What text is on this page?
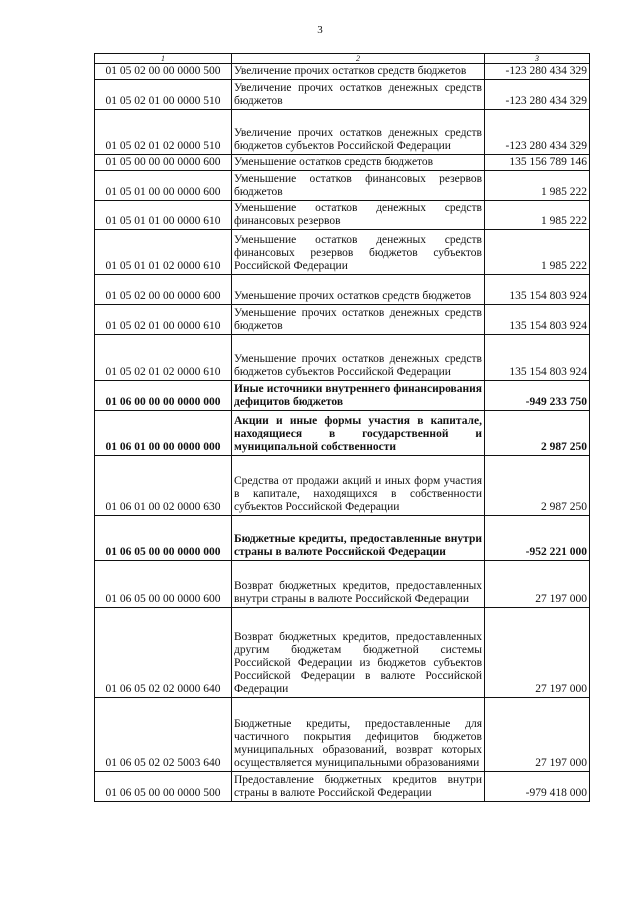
3
1	2	3
01 05 02 00 00 0000 500	Увеличение прочих остатков средств бюджетов	-123 280 434 329
01 05 02 01 00 0000 510	Увеличение прочих остатков денежных средств бюджетов	-123 280 434 329
01 05 02 01 02 0000 510	Увеличение прочих остатков денежных средств бюджетов субъектов Российской Федерации	-123 280 434 329
01 05 00 00 00 0000 600	Уменьшение остатков средств бюджетов	135 156 789 146
01 05 01 00 00 0000 600	Уменьшение остатков финансовых резервов бюджетов	1 985 222
01 05 01 01 00 0000 610	Уменьшение остатков денежных средств финансовых резервов	1 985 222
01 05 01 01 02 0000 610	Уменьшение остатков денежных средств финансовых резервов бюджетов субъектов Российской Федерации	1 985 222
01 05 02 00 00 0000 600	Уменьшение прочих остатков средств бюджетов	135 154 803 924
01 05 02 01 00 0000 610	Уменьшение прочих остатков денежных средств бюджетов	135 154 803 924
01 05 02 01 02 0000 610	Уменьшение прочих остатков денежных средств бюджетов субъектов Российской Федерации	135 154 803 924
01 06 00 00 00 0000 000	Иные источники внутреннего финансирования дефицитов бюджетов	-949 233 750
01 06 01 00 00 0000 000	Акции и иные формы участия в капитале, находящиеся в государственной и муниципальной собственности	2 987 250
01 06 01 00 02 0000 630	Средства от продажи акций и иных форм участия в капитале, находящихся в собственности субъектов Российской Федерации	2 987 250
01 06 05 00 00 0000 000	Бюджетные кредиты, предоставленные внутри страны в валюте Российской Федерации	-952 221 000
01 06 05 00 00 0000 600	Возврат бюджетных кредитов, предоставленных внутри страны в валюте Российской Федерации	27 197 000
01 06 05 02 02 0000 640	Возврат бюджетных кредитов, предоставленных другим бюджетам бюджетной системы Российской Федерации из бюджетов субъектов Российской Федерации в валюте Российской Федерации	27 197 000
01 06 05 02 02 5003 640	Бюджетные кредиты, предоставленные для частичного покрытия дефицитов бюджетов муниципальных образований, возврат которых осуществляется муниципальными образованиями	27 197 000
01 06 05 00 00 0000 500	Предоставление бюджетных кредитов внутри страны в валюте Российской Федерации	-979 418 000
